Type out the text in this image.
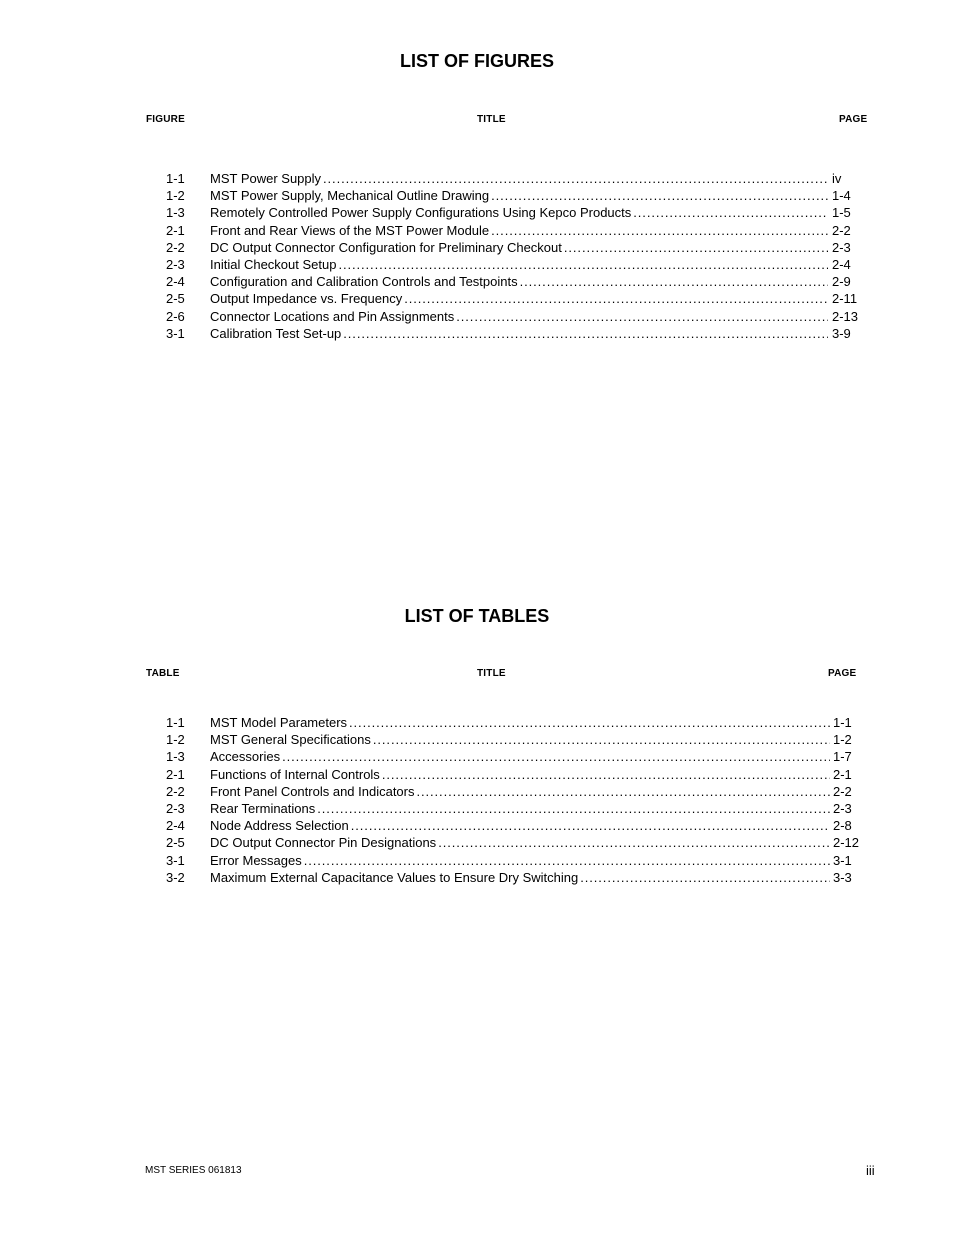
LIST OF FIGURES
FIGURE	TITLE	PAGE
1-1 MST Power Supply .....	iv
1-2 MST Power Supply, Mechanical Outline Drawing .....	1-4
1-3 Remotely Controlled Power Supply Configurations Using Kepco Products .....	1-5
2-1 Front and Rear Views of the MST Power Module .....	2-2
2-2 DC Output Connector Configuration for Preliminary Checkout .....	2-3
2-3 Initial Checkout Setup .....	2-4
2-4 Configuration and Calibration Controls and Testpoints .....	2-9
2-5 Output Impedance vs. Frequency .....	2-11
2-6 Connector Locations and Pin Assignments .....	2-13
3-1 Calibration Test Set-up .....	3-9
LIST OF TABLES
TABLE	TITLE	PAGE
1-1 MST Model Parameters .....	1-1
1-2 MST General Specifications .....	1-2
1-3 Accessories .....	1-7
2-1 Functions of Internal Controls .....	2-1
2-2 Front Panel Controls and Indicators .....	2-2
2-3 Rear Terminations .....	2-3
2-4 Node Address Selection .....	2-8
2-5 DC Output Connector Pin Designations .....	2-12
3-1 Error Messages .....	3-1
3-2 Maximum External Capacitance Values to Ensure Dry Switching .....	3-3
MST SERIES 061813	iii
